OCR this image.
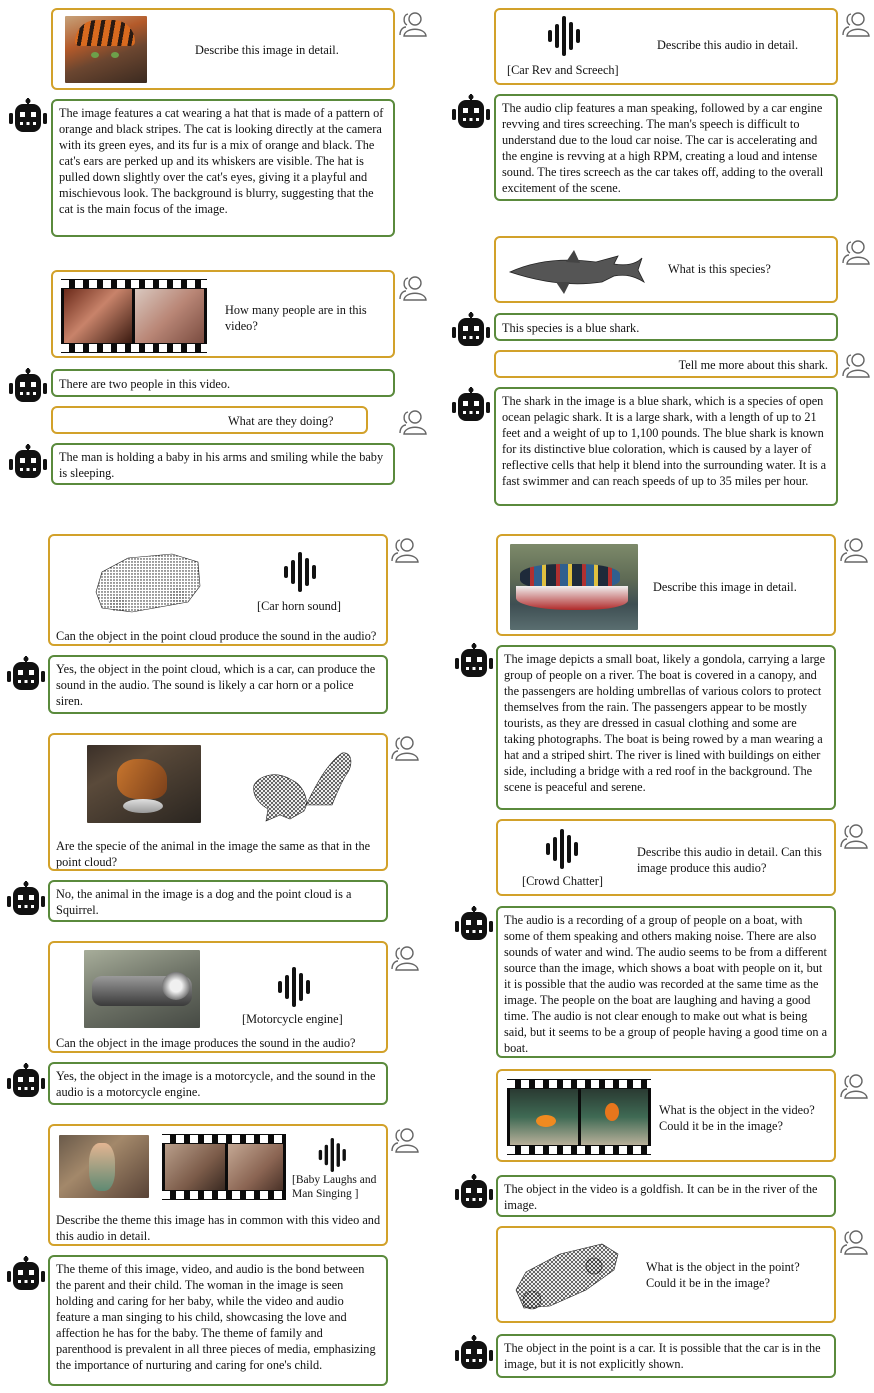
Describe this image in detail.
The image features a cat wearing a hat that is made of a pattern of orange and black stripes. The cat is looking directly at the camera with its green eyes, and its fur is a mix of orange and black. The cat's ears are perked up and its whiskers are visible. The hat is pulled down slightly over the cat's eyes, giving it a playful and mischievous look. The background is blurry, suggesting that the cat is the main focus of the image.
How many people are in this video?
There are two people in this video.
What are they doing?
The man is holding a baby in his arms and smiling while the baby is sleeping.
[Car Rev and Screech]
Describe this audio in detail.
The audio clip features a man speaking, followed by a car engine revving and tires screeching. The man's speech is difficult to understand due to the loud car noise. The car is accelerating and the engine is revving at a high RPM, creating a loud and intense sound. The tires screech as the car takes off, adding to the overall excitement of the scene.
What is this species?
This species is a blue shark.
Tell me more about this shark.
The shark in the image is a blue shark, which is a species of open ocean pelagic shark. It is a large shark, with a length of up to 21 feet and a weight of up to 1,100 pounds. The blue shark is known for its distinctive blue coloration, which is caused by a layer of reflective cells that help it blend into the surrounding water. It is a fast swimmer and can reach speeds of up to 35 miles per hour.
[Car horn sound]
Can the object in the point cloud produce the sound in the audio?
Yes, the object in the point cloud, which is a car, can produce the sound in the audio. The sound is likely a car horn or a police siren.
Are the specie of the animal in the image the same as that in the point cloud?
No, the animal in the image is a dog and the point cloud is a Squirrel.
[Motorcycle engine]
Can the object in the image produces the sound in the audio?
Yes, the object in the image is a motorcycle, and the sound in the audio is a motorcycle engine.
[Baby Laughs and Man Singing ]
Describe the theme this image has in common with this video and this audio in detail.
The theme of this image, video, and audio is the bond between the parent and their child. The woman in the image is seen holding and caring for her baby, while the video and audio feature a man singing to his child, showcasing the love and affection he has for the baby. The theme of family and parenthood is prevalent in all three pieces of media, emphasizing the importance of nurturing and caring for one's child.
Describe this image in detail.
The image depicts a small boat, likely a gondola, carrying a large group of people on a river. The boat is covered in a canopy, and the passengers are holding umbrellas of various colors to protect themselves from the rain. The passengers appear to be mostly tourists, as they are dressed in casual clothing and some are taking photographs. The boat is being rowed by a man wearing a hat and a striped shirt. The river is lined with buildings on either side, including a bridge with a red roof in the background. The scene is peaceful and serene.
[Crowd Chatter]
Describe this audio in detail. Can this image produce this audio?
The audio is a recording of a group of people on a boat, with some of them speaking and others making noise. There are also sounds of water and wind. The audio seems to be from a different source than the image, which shows a boat with people on it, but it is possible that the audio was recorded at the same time as the image. The people on the boat are laughing and having a good time. The audio is not clear enough to make out what is being said, but it seems to be a group of people having a good time on a boat.
What is the object in the video? Could it be in the image?
The object in the video is a goldfish. It can be in the river of the image.
What is the object in the point? Could it be in the image?
The object in the point is a car. It is possible that the car is in the image, but it is not explicitly shown.
